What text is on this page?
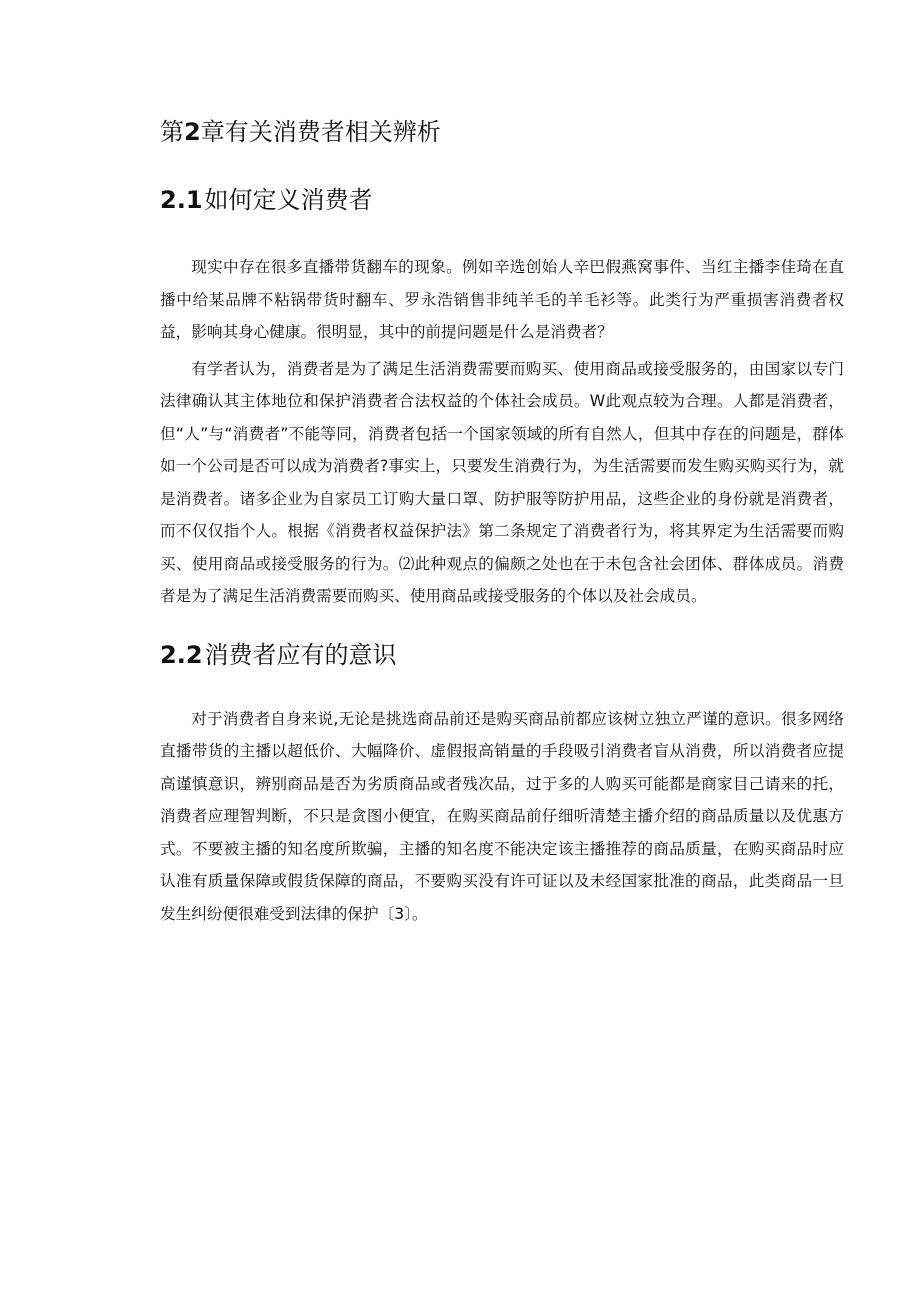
第2章有关消费者相关辨析
2.1如何定义消费者

现实中存在很多直播带货翻车的现象。例如辛选创始人辛巴假燕窝事件、当红主播李佳琦在直播中给某品牌不粘锅带货时翻车、罗永浩销售非纯羊毛的羊毛衫等。此类行为严重损害消费者权益，影响其身心健康。很明显，其中的前提问题是什么是消费者？

有学者认为，消费者是为了满足生活消费需要而购买、使用商品或接受服务的，由国家以专门法律确认其主体地位和保护消费者合法权益的个体社会成员。W此观点较为合理。人都是消费者，但“人”与“消费者”不能等同，消费者包括一个国家领域的所有自然人，但其中存在的问题是，群体如一个公司是否可以成为消费者?事实上，只要发生消费行为，为生活需要而发生购买购买行为，就是消费者。诸多企业为自家员工订购大量口罩、防护服等防护用品，这些企业的身份就是消费者，而不仅仅指个人。根据《消费者权益保护法》第二条规定了消费者行为，将其界定为生活需要而购买、使用商品或接受服务的行为。⑵此种观点的偏颇之处也在于未包含社会团体、群体成员。消费者是为了满足生活消费需要而购买、使用商品或接受服务的个体以及社会成员。

2.2消费者应有的意识

对于消费者自身来说,无论是挑选商品前还是购买商品前都应该树立独立严谨的意识。很多网络直播带货的主播以超低价、大幅降价、虚假报高销量的手段吸引消费者盲从消费，所以消费者应提高谨慎意识，辨别商品是否为劣质商品或者残次品，过于多的人购买可能都是商家目己请来的托，消费者应理智判断，不只是贪图小便宜，在购买商品前仔细听清楚主播介绍的商品质量以及优惠方式。不要被主播的知名度所欺骗，主播的知名度不能决定该主播推荐的商品质量，在购买商品时应认准有质量保障或假货保障的商品，不要购买没有许可证以及未经国家批准的商品，此类商品一旦发生纠纷便很难受到法律的保护〔3〕。
